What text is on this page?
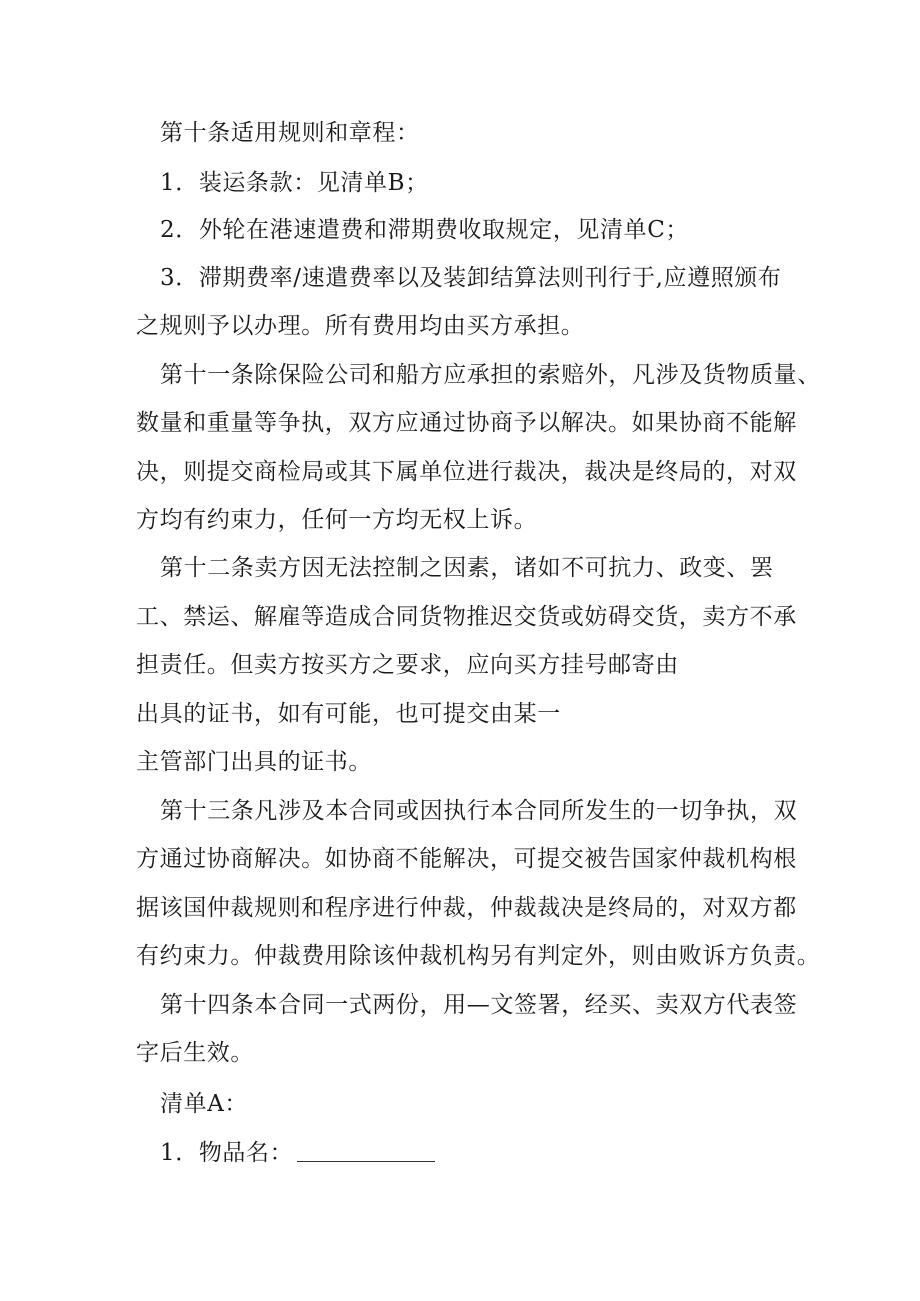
第十条适用规则和章程：
1．装运条款：见清单B；
2．外轮在港速遣费和滞期费收取规定，见清单C；
3．滞期费率/速遣费率以及装卸结算法则刊行于,应遵照颁布
之规则予以办理。所有费用均由买方承担。
第十一条除保险公司和船方应承担的索赔外，凡涉及货物质量、
数量和重量等争执，双方应通过协商予以解决。如果协商不能解
决，则提交商检局或其下属单位进行裁决，裁决是终局的，对双
方均有约束力，任何一方均无权上诉。
第十二条卖方因无法控制之因素，诸如不可抗力、政变、罢
工、禁运、解雇等造成合同货物推迟交货或妨碍交货，卖方不承
担责任。但卖方按买方之要求，应向买方挂号邮寄由
出具的证书，如有可能，也可提交由某一
主管部门出具的证书。
第十三条凡涉及本合同或因执行本合同所发生的一切争执，双
方通过协商解决。如协商不能解决，可提交被告国家仲裁机构根
据该国仲裁规则和程序进行仲裁，仲裁裁决是终局的，对双方都
有约束力。仲裁费用除该仲裁机构另有判定外，则由败诉方负责。
第十四条本合同一式两份，用—文签署，经买、卖双方代表签
字后生效。
清单A：
1．物品名：
